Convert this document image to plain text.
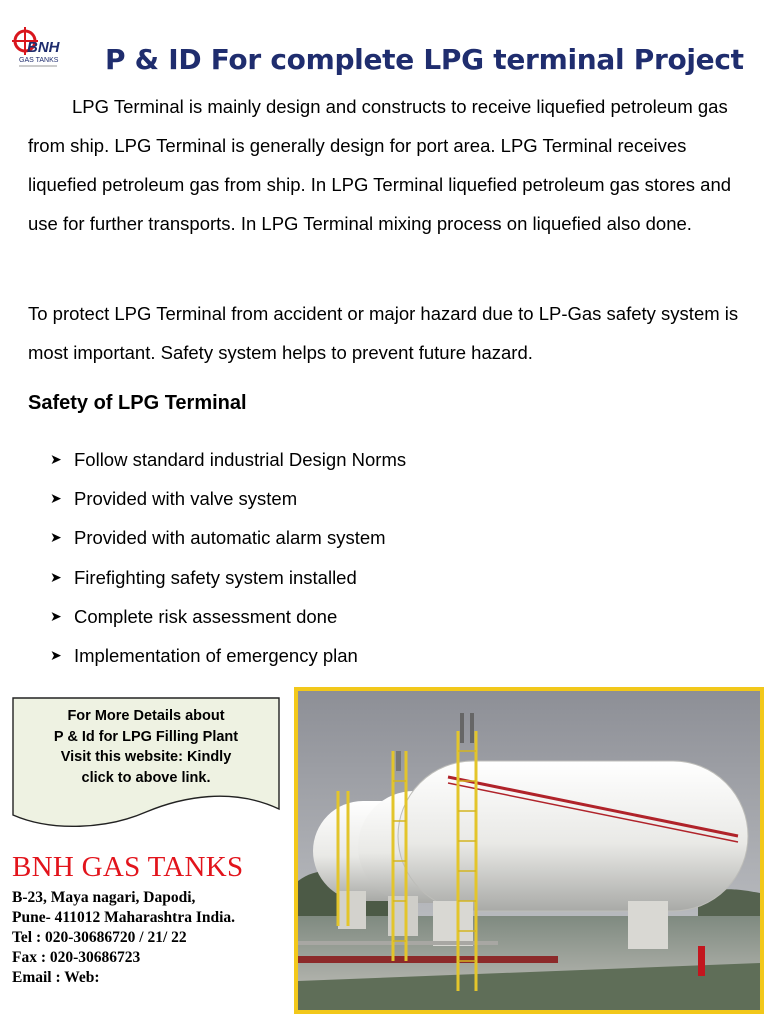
BNH
GAS TANKS P & ID For complete LPG terminal Project

LPG Terminal is mainly design and constructs to receive liquefied petroleum gas from ship. LPG Terminal is generally design for port area. LPG Terminal receives liquefied petroleum gas from ship. In LPG Terminal liquefied petroleum gas stores and use for further transports. In LPG Terminal mixing process on liquefied also done.

To protect LPG Terminal from accident or major hazard due to LP-Gas safety system is most important. Safety system helps to prevent future hazard.

Safety of LPG Terminal
➤ Follow standard industrial Design Norms
➤ Provided with valve system
➤ Provided with automatic alarm system
➤ Firefighting safety system installed
➤ Complete risk assessment done
➤ Implementation of emergency plan
For More Details about
P & Id for LPG Filling Plant
Visit this website: Kindly
click to above link.
BNH GAS TANKS
B-23, Maya nagari, Dapodi,
Pune- 411012 Maharashtra India.
Tel : 020-30686720 / 21/ 22
Fax : 020-30686723
Email : Web:
